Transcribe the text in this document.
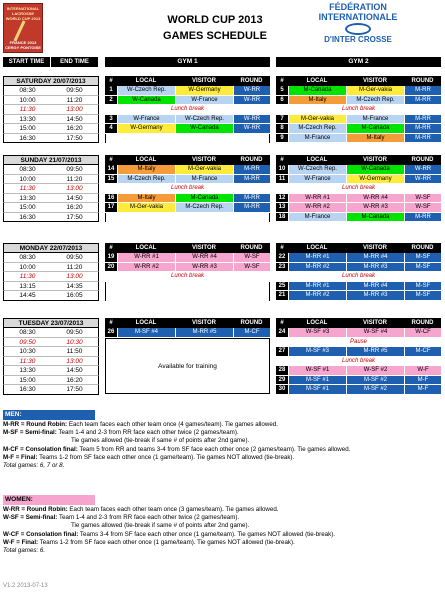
INTERNATIONAL LACROSSE WORLD CUP 2013
FRANCE 2013 CERGY PONTOISE
WORLD CUP 2013
GAMES SCHEDULE
FÉDÉRATION
INTERNATIONALE
D'INTER CROSSE
START TIME	END TIME	GYM 1	GYM 2
SATURDAY 20/07/2013
08:30	09:50
10:00	11:20
11:30	13:00
13:30	14:50
15:00	16:20
16:30	17:50
#	LOCAL	VISITOR	ROUND
1	W-Czech Rep.	W-Germany	W-RR
2	W-Canada	W-France	W-RR
Lunch break
3	W-France	W-Czech Rep.	W-RR
4	W-Germany	W-Canada	W-RR
#	LOCAL	VISITOR	ROUND
5	M-Canada	M-Ger-vakia	M-RR
6	M-Italy	M-Czech Rep.	M-RR
Lunch break
7	M-Ger-vakia	M-France	M-RR
8	M-Czech Rep.	M-Canada	M-RR
9	M-France	M-Italy	M-RR
SUNDAY 21/07/2013
08:30	09:50
10:00	11:20
11:30	13:00
13:30	14:50
15:00	16:20
16:30	17:50
#	LOCAL	VISITOR	ROUND
14	M-Italy	M-Ger-vakia	M-RR
15	M-Czech Rep.	M-France	M-RR
Lunch break
16	M-Italy	M-Canada	M-RR
17	M-Ger-vakia	M-Czech Rep.	M-RR
#	LOCAL	VISITOR	ROUND
10	W-Czech Rep.	W-Canada	W-RR
11	W-France	W-Germany	W-RR
Lunch break
12	W-RR #1	W-RR #4	W-SF
13	W-RR #2	W-RR #3	W-SF
18	M-France	M-Canada	M-RR
MONDAY 22/07/2013
08:30	09:50
10:00	11:20
11:30	13:00
13:15	14:35
14:45	16:05
#	LOCAL	VISITOR	ROUND
19	W-RR #1	W-RR #4	W-SF
20	W-RR #2	W-RR #3	W-SF
Lunch break
#	LOCAL	VISITOR	ROUND
22	M-RR #1	M-RR #4	M-SF
23	M-RR #2	M-RR #3	M-SF
Lunch break
25	M-RR #1	M-RR #4	M-SF
21	M-RR #2	M-RR #3	M-SF
TUESDAY 23/07/2013
08:30	09:50
09:50	10:30
10:30	11:50
11:30	13:00
13:30	14:50
15:00	16:20
16:30	17:50
#	LOCAL	VISITOR	ROUND
26	M-SF #4	M-RR #5	M-CF
Available for training
#	LOCAL	VISITOR	ROUND
24	W-SF #3	W-SF #4	W-CF
Pause
27	M-SF #3	M-RR #5	M-CF
Lunch break
28	W-SF #1	W-SF #2	W-F
29	M-SF #1	M-SF #2	M-F
30	M-SF #1	M-SF #2	M-F
MEN:

M-RR = Round Robin: Each team faces each other team once (4 games/team). Tie games allowed.

M-SF = Semi-final: Team 1-4 and 2-3 from RR face each other twice (2 games/team).

Tie games allowed (tie-break if same # of points after 2nd game).

M-CF = Consolation final: Team 5 from RR and teams 3-4 from SF face each other once (2 games/team). Tie games allowed.

M-F = Final: Teams 1-2 from SF face each other once (1 game/team). Tie games NOT allowed (tie-break).

Total games: 6, 7 or 8.

WOMEN:

W-RR = Round Robin: Each team faces each other team once (3 games/team). Tie games allowed.

W-SF = Semi-final: Team 1-4 and 2-3 from RR face each other twice (2 games/team).

Tie games allowed (tie-break if same # of points after 2nd game).

W-CF = Consolation final: Teams 3-4 from SF face each other once (1 game/team). Tie games NOT allowed (tie-break).

W-F = Final: Teams 1-2 from SF face each other once (1 game/team). Tie games NOT allowed (tie-break).

Total games: 6.

V1.2 2013-07-13
